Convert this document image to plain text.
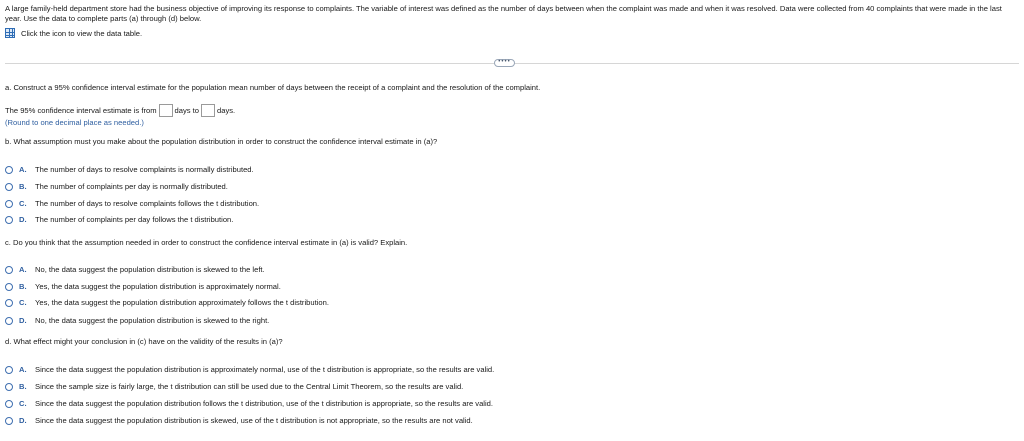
A large family-held department store had the business objective of improving its response to complaints. The variable of interest was defined as the number of days between when the complaint was made and when it was resolved. Data were collected from 40 complaints that were made in the last year. Use the data to complete parts (a) through (d) below.
Click the icon to view the data table.
••••
a. Construct a 95% confidence interval estimate for the population mean number of days between the receipt of a complaint and the resolution of the complaint.
The 95% confidence interval estimate is from days to days.
(Round to one decimal place as needed.)
b. What assumption must you make about the population distribution in order to construct the confidence interval estimate in (a)?
A.	The number of days to resolve complaints is normally distributed.
B.	The number of complaints per day is normally distributed.
C.	The number of days to resolve complaints follows the t distribution.
D.	The number of complaints per day follows the t distribution.
c. Do you think that the assumption needed in order to construct the confidence interval estimate in (a) is valid? Explain.
A.	No, the data suggest the population distribution is skewed to the left.
B.	Yes, the data suggest the population distribution is approximately normal.
C.	Yes, the data suggest the population distribution approximately follows the t distribution.
D.	No, the data suggest the population distribution is skewed to the right.
d. What effect might your conclusion in (c) have on the validity of the results in (a)?
A.	Since the data suggest the population distribution is approximately normal, use of the t distribution is appropriate, so the results are valid.
B.	Since the sample size is fairly large, the t distribution can still be used due to the Central Limit Theorem, so the results are valid.
C.	Since the data suggest the population distribution follows the t distribution, use of the t distribution is appropriate, so the results are valid.
D.	Since the data suggest the population distribution is skewed, use of the t distribution is not appropriate, so the results are not valid.
